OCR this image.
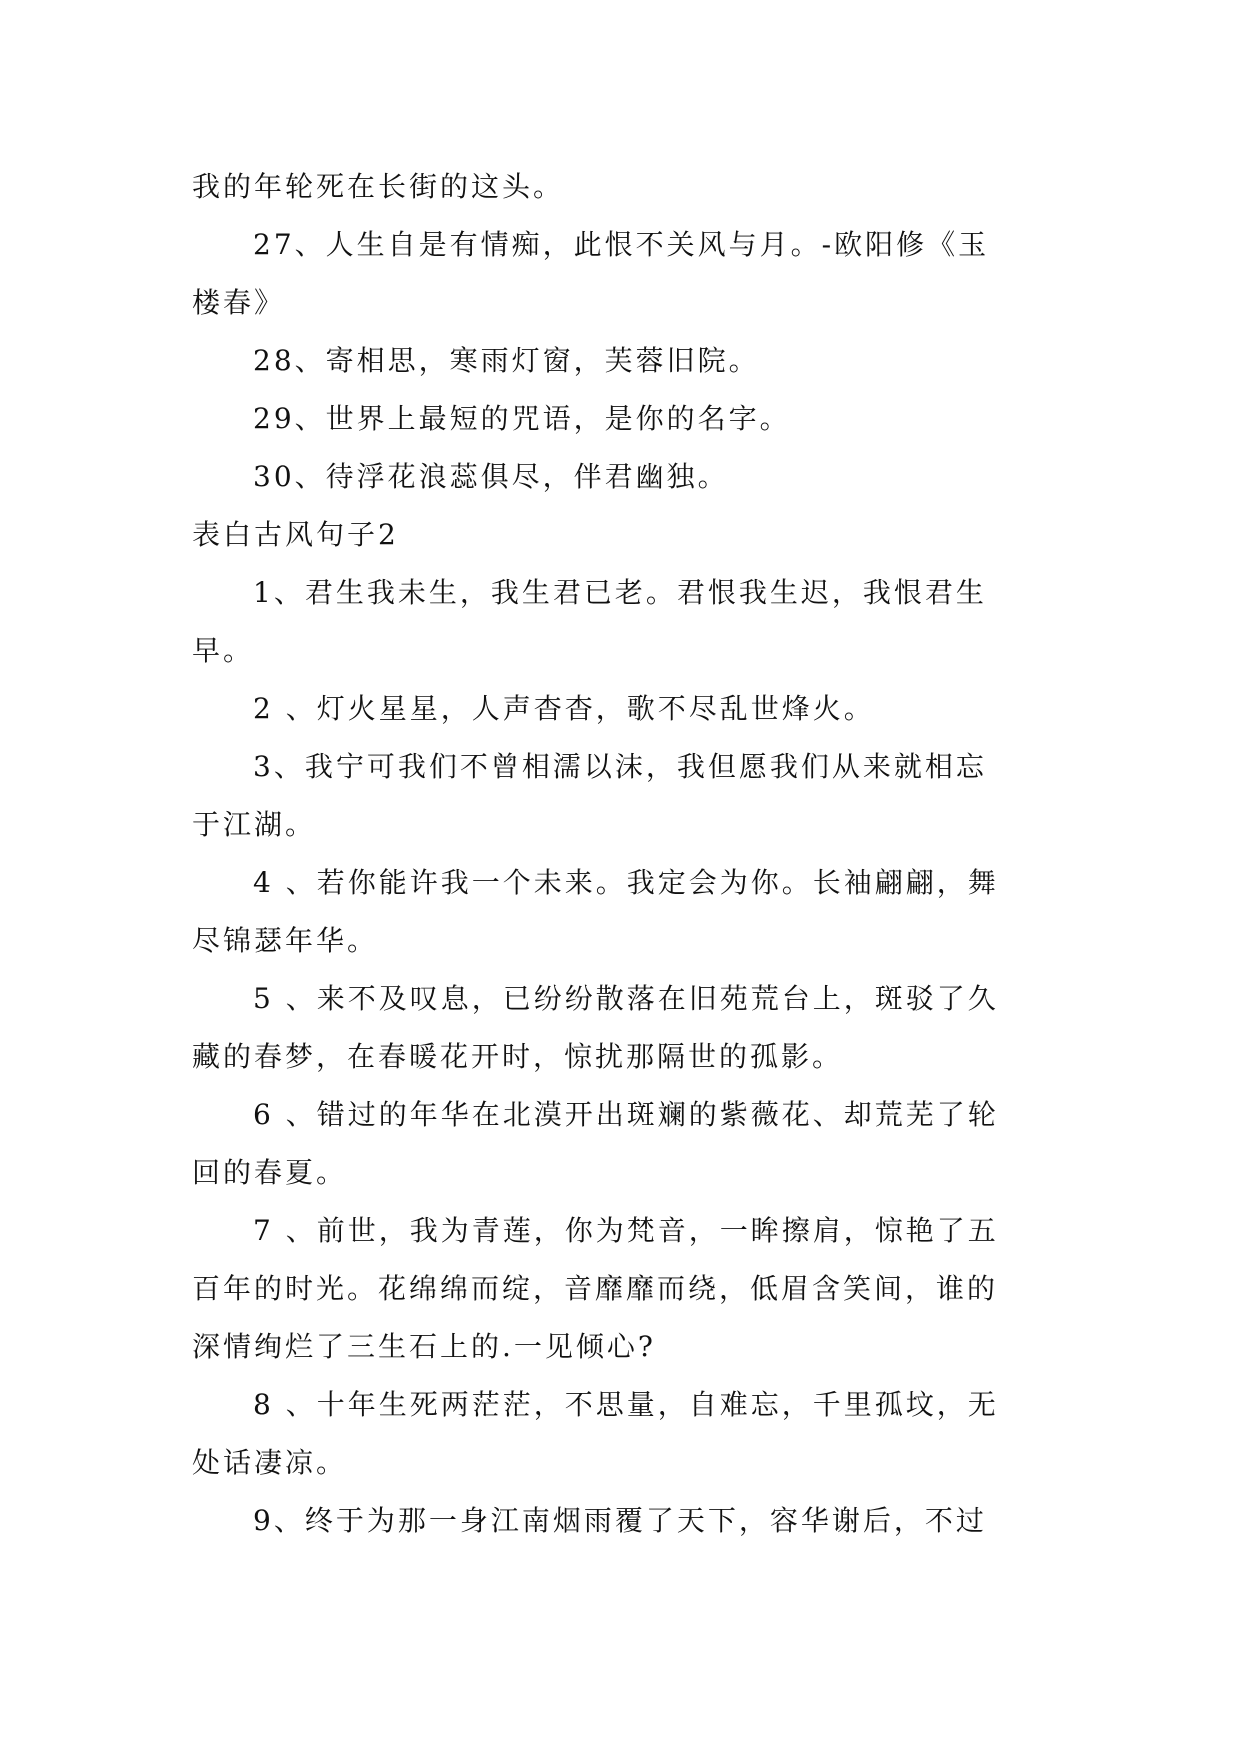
我的年轮死在长街的这头。

27、人生自是有情痴，此恨不关风与月。-欧阳修《玉

楼春》

28、寄相思，寒雨灯窗，芙蓉旧院。

29、世界上最短的咒语，是你的名字。

30、待浮花浪蕊俱尽，伴君幽独。

表白古风句子2

1、君生我未生，我生君已老。君恨我生迟，我恨君生

早。

2 、灯火星星，人声杳杳，歌不尽乱世烽火。

3、我宁可我们不曾相濡以沫，我但愿我们从来就相忘

于江湖。

4 、若你能许我一个未来。我定会为你。长袖翩翩，舞

尽锦瑟年华。

5 、来不及叹息，已纷纷散落在旧苑荒台上，斑驳了久

藏的春梦，在春暖花开时，惊扰那隔世的孤影。

6 、错过的年华在北漠开出斑斓的紫薇花、却荒芜了轮

回的春夏。

7 、前世，我为青莲，你为梵音，一眸擦肩，惊艳了五

百年的时光。花绵绵而绽，音靡靡而绕，低眉含笑间，谁的

深情绚烂了三生石上的.一见倾心?

8 、十年生死两茫茫，不思量，自难忘，千里孤坟，无

处话凄凉。

9、终于为那一身江南烟雨覆了天下，容华谢后，不过
